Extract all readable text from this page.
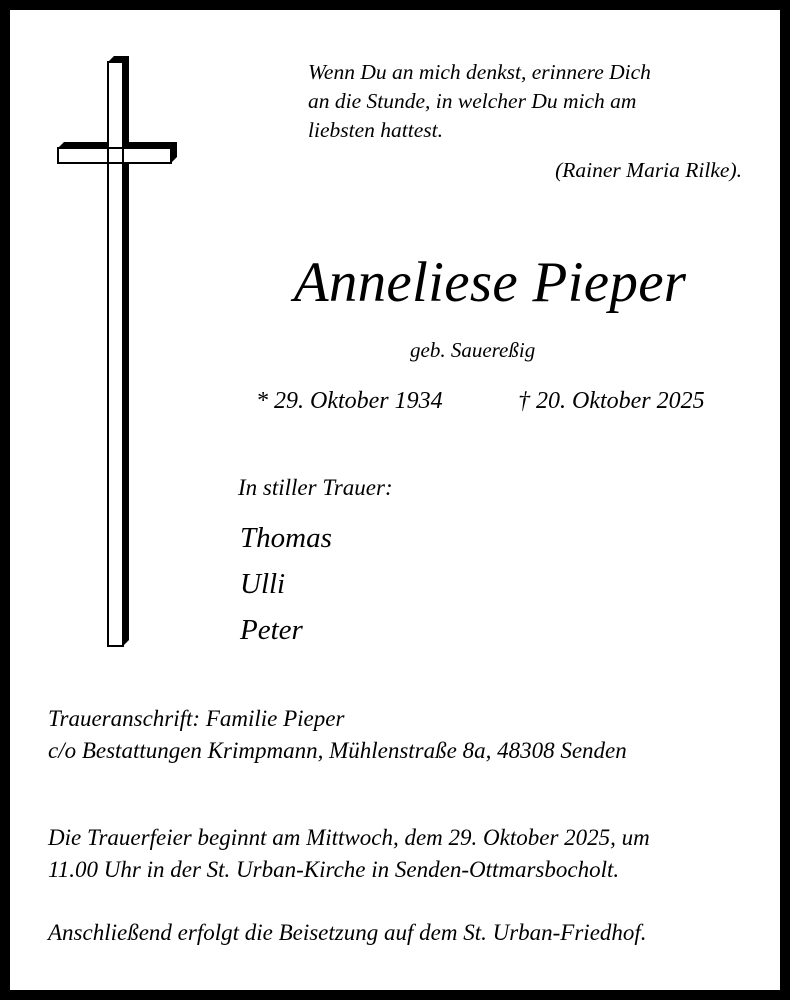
Wenn Du an mich denkst, erinnere Dich
an die Stunde, in welcher Du mich am
liebsten hattest.
(Rainer Maria Rilke).
Anneliese Pieper
geb. Sauereßig
* 29. Oktober 1934	† 20. Oktober 2025
In stiller Trauer:
Thomas
Ulli
Peter
Traueranschrift: Familie Pieper
c/o Bestattungen Krimpmann, Mühlenstraße 8a, 48308 Senden
Die Trauerfeier beginnt am Mittwoch, dem 29. Oktober 2025, um
11.00 Uhr in der St. Urban-Kirche in Senden-Ottmarsbocholt.
Anschließend erfolgt die Beisetzung auf dem St. Urban-Friedhof.
